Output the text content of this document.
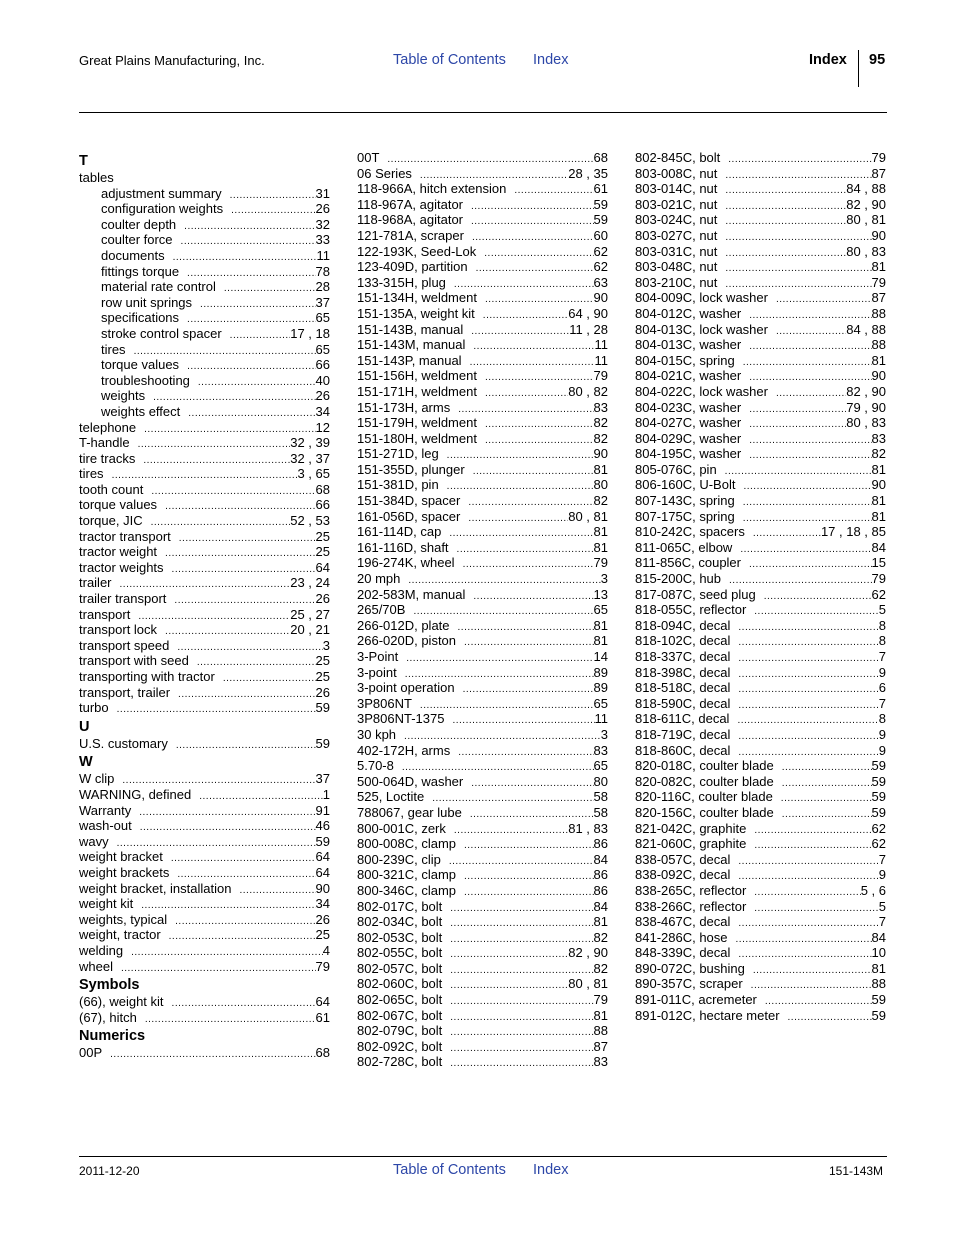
Great Plains Manufacturing, Inc.	Table of Contents Index	Index 95
T
tables
adjustment summary .....	31
configuration weights .....	26
coulter depth .....	32
coulter force .....	33
documents .....	11
fittings torque .....	78
material rate control .....	28
row unit springs .....	37
specifications .....	65
stroke control spacer .....	17 , 18
tires .....	65
torque values .....	66
troubleshooting .....	40
weights .....	26
weights effect .....	34
telephone .....	12
T-handle .....	32 , 39
tire tracks .....	32 , 37
tires .....	3 , 65
tooth count .....	68
torque values .....	66
torque, JIC .....	52 , 53
tractor transport .....	25
tractor weight .....	25
tractor weights .....	64
trailer .....	23 , 24
trailer transport .....	26
transport .....	25 , 27
transport lock .....	20 , 21
transport speed .....	3
transport with seed .....	25
transporting with tractor .....	25
transport, trailer .....	26
turbo .....	59
U
U.S. customary .....	59
W
W clip .....	37
WARNING, defined .....	1
Warranty .....	91
wash-out .....	46
wavy .....	59
weight bracket .....	64
weight brackets .....	64
weight bracket, installation .....	90
weight kit .....	34
weights, typical .....	26
weight, tractor .....	25
welding .....	4
wheel .....	79
Symbols
(66), weight kit .....	64
(67), hitch .....	61
Numerics
00P .....	68
00T .....	68
06 Series .....	28 , 35
118-966A, hitch extension .....	61
118-967A, agitator .....	59
118-968A, agitator .....	59
121-781A, scraper .....	60
122-193K, Seed-Lok .....	62
123-409D, partition .....	62
133-315H, plug .....	63
151-134H, weldment .....	90
151-135A, weight kit .....	64 , 90
151-143B, manual .....	11 , 28
151-143M, manual .....	11
151-143P, manual .....	11
151-156H, weldment .....	79
151-171H, weldment .....	80 , 82
151-173H, arms .....	83
151-179H, weldment .....	82
151-180H, weldment .....	82
151-271D, leg .....	90
151-355D, plunger .....	81
151-381D, pin .....	80
151-384D, spacer .....	82
161-056D, spacer .....	80 , 81
161-114D, cap .....	81
161-116D, shaft .....	81
196-274K, wheel .....	79
20 mph .....	3
202-583M, manual .....	13
265/70B .....	65
266-012D, plate .....	81
266-020D, piston .....	81
3-Point .....	14
3-point .....	89
3-point operation .....	89
3P806NT .....	65
3P806NT-1375 .....	11
30 kph .....	3
402-172H, arms .....	83
5.70-8 .....	65
500-064D, washer .....	80
525, Loctite .....	58
788067, gear lube .....	58
800-001C, zerk .....	81 , 83
800-008C, clamp .....	86
800-239C, clip .....	84
800-321C, clamp .....	86
800-346C, clamp .....	86
802-017C, bolt .....	84
802-034C, bolt .....	81
802-053C, bolt .....	82
802-055C, bolt .....	82 , 90
802-057C, bolt .....	82
802-060C, bolt .....	80 , 81
802-065C, bolt .....	79
802-067C, bolt .....	81
802-079C, bolt .....	88
802-092C, bolt .....	87
802-728C, bolt .....	83
802-845C, bolt .....	79
803-008C, nut .....	87
803-014C, nut .....	84 , 88
803-021C, nut .....	82 , 90
803-024C, nut .....	80 , 81
803-027C, nut .....	90
803-031C, nut .....	80 , 83
803-048C, nut .....	81
803-210C, nut .....	79
804-009C, lock washer .....	87
804-012C, washer .....	88
804-013C, lock washer .....	84 , 88
804-013C, washer .....	88
804-015C, spring .....	81
804-021C, washer .....	90
804-022C, lock washer .....	82 , 90
804-023C, washer .....	79 , 90
804-027C, washer .....	80 , 83
804-029C, washer .....	83
804-195C, washer .....	82
805-076C, pin .....	81
806-160C, U-Bolt .....	90
807-143C, spring .....	81
807-175C, spring .....	81
810-242C, spacers .....	17 , 18 , 85
811-065C, elbow .....	84
811-856C, coupler .....	15
815-200C, hub .....	79
817-087C, seed plug .....	62
818-055C, reflector .....	5
818-094C, decal .....	8
818-102C, decal .....	8
818-337C, decal .....	7
818-398C, decal .....	9
818-518C, decal .....	6
818-590C, decal .....	7
818-611C, decal .....	8
818-719C, decal .....	9
818-860C, decal .....	9
820-018C, coulter blade .....	59
820-082C, coulter blade .....	59
820-116C, coulter blade .....	59
820-156C, coulter blade .....	59
821-042C, graphite .....	62
821-060C, graphite .....	62
838-057C, decal .....	7
838-092C, decal .....	9
838-265C, reflector .....	5 , 6
838-266C, reflector .....	5
838-467C, decal .....	7
841-286C, hose .....	84
848-339C, decal .....	10
890-072C, bushing .....	81
890-357C, scraper .....	88
891-011C, acremeter .....	59
891-012C, hectare meter .....	59
2011-12-20	Table of Contents Index	151-143M
